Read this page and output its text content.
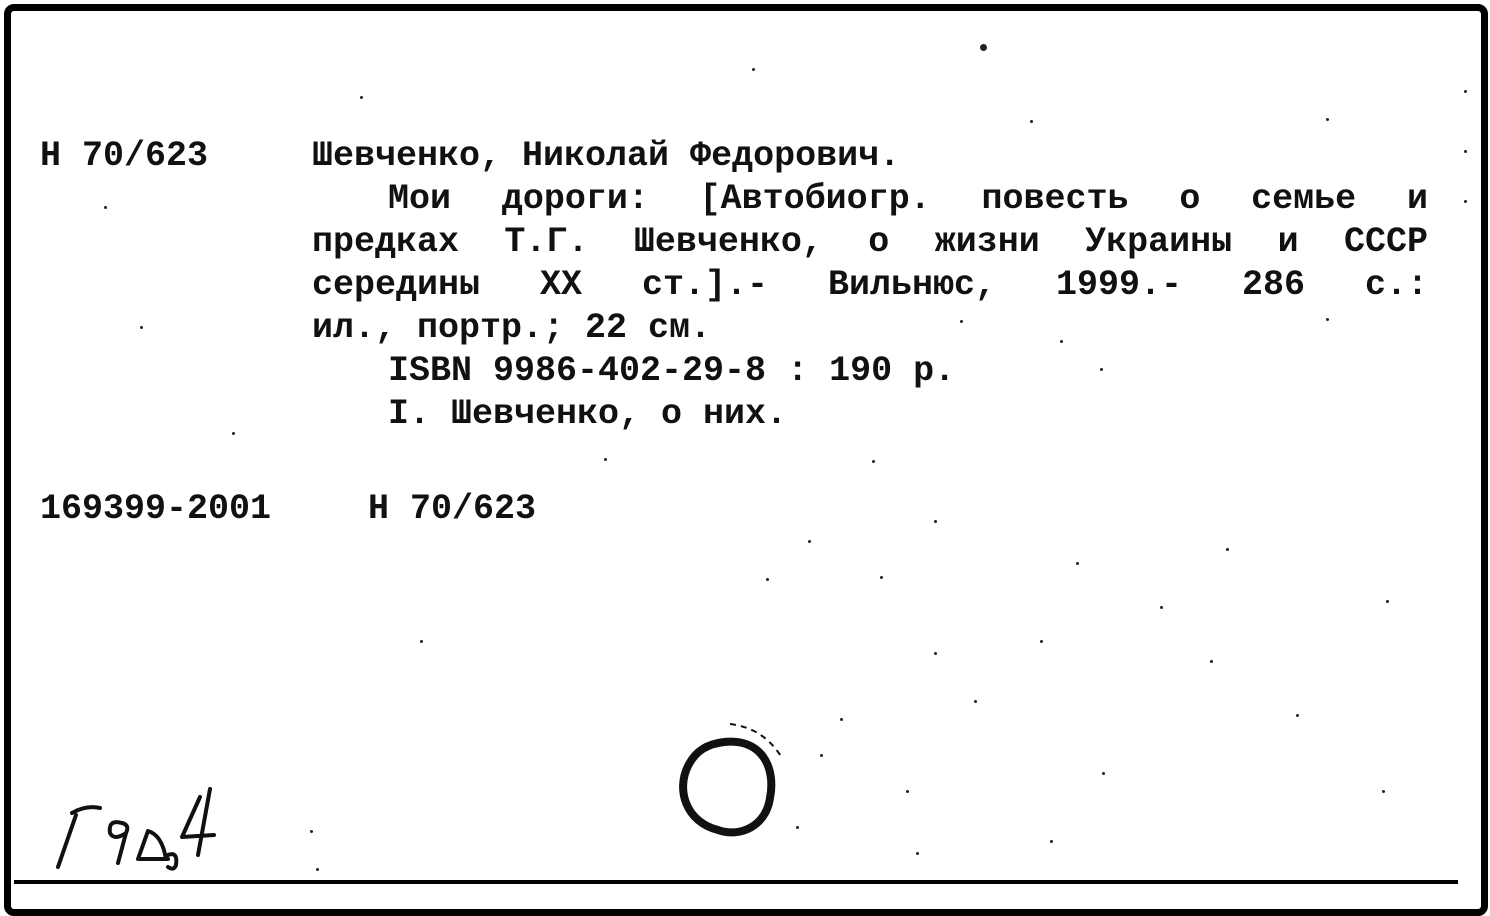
Н 70/623	Шевченко, Николай Федорович.
Мои дороги: [Автобиогр. повесть о семье и
предках Т.Г. Шевченко, о жизни Украины и СССР
середины XX ст.].- Вильнюс, 1999.- 286 с.:
ил., портр.; 22 см.
ISBN 9986-402-29-8 : 190 р.
I. Шевченко, о них.
169399-2001	Н 70/623
